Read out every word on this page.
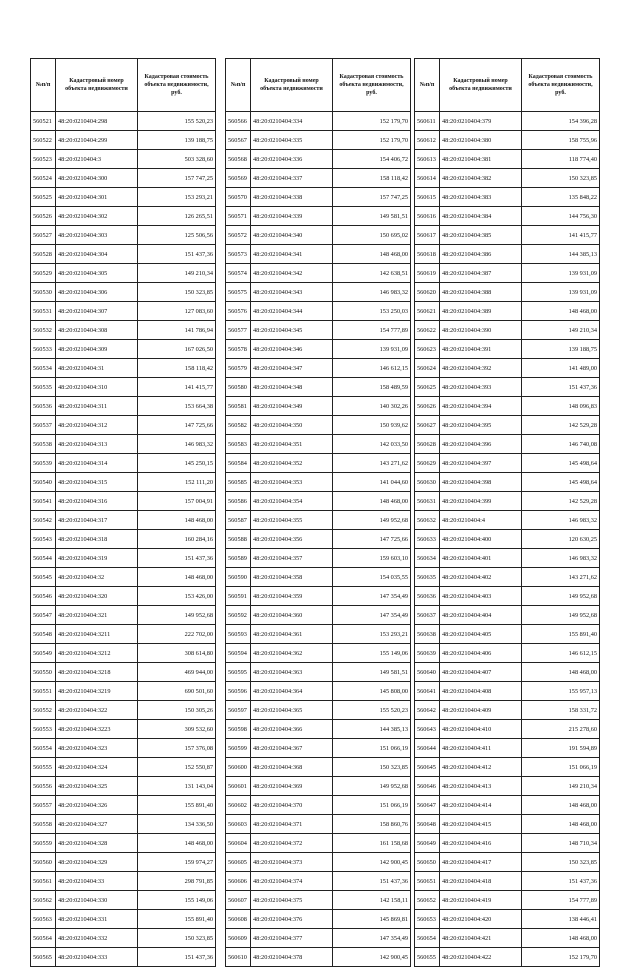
№п/п	Кадастровый номер объекта недвижимости	Кадастровая стоимость объекта недвижимости, руб.
560521	48:20:0210404:298	155 520,23
560522	48:20:0210404:299	139 188,75
560523	48:20:0210404:3	503 328,60
560524	48:20:0210404:300	157 747,25
560525	48:20:0210404:301	153 293,21
560526	48:20:0210404:302	126 265,51
560527	48:20:0210404:303	125 506,56
560528	48:20:0210404:304	151 437,36
560529	48:20:0210404:305	149 210,34
560530	48:20:0210404:306	150 323,85
560531	48:20:0210404:307	127 083,60
560532	48:20:0210404:308	141 786,94
560533	48:20:0210404:309	167 026,50
560534	48:20:0210404:31	158 118,42
560535	48:20:0210404:310	141 415,77
560536	48:20:0210404:311	153 664,38
560537	48:20:0210404:312	147 725,66
560538	48:20:0210404:313	146 983,32
560539	48:20:0210404:314	145 250,15
560540	48:20:0210404:315	152 111,20
560541	48:20:0210404:316	157 004,91
560542	48:20:0210404:317	148 468,00
560543	48:20:0210404:318	160 284,16
560544	48:20:0210404:319	151 437,36
560545	48:20:0210404:32	148 468,00
560546	48:20:0210404:320	153 426,00
560547	48:20:0210404:321	149 952,68
560548	48:20:0210404:3211	222 702,00
560549	48:20:0210404:3212	308 614,80
560550	48:20:0210404:3218	469 944,00
560551	48:20:0210404:3219	690 501,60
560552	48:20:0210404:322	150 305,26
560553	48:20:0210404:3223	309 532,60
560554	48:20:0210404:323	157 376,08
560555	48:20:0210404:324	152 550,87
560556	48:20:0210404:325	131 143,04
560557	48:20:0210404:326	155 891,40
560558	48:20:0210404:327	134 336,50
560559	48:20:0210404:328	148 468,00
560560	48:20:0210404:329	159 974,27
560561	48:20:0210404:33	298 791,85
560562	48:20:0210404:330	155 149,06
560563	48:20:0210404:331	155 891,40
560564	48:20:0210404:332	150 323,85
560565	48:20:0210404:333	151 437,36
№п/п	Кадастровый номер объекта недвижимости	Кадастровая стоимость объекта недвижимости, руб.
560566	48:20:0210404:334	152 179,70
560567	48:20:0210404:335	152 179,70
560568	48:20:0210404:336	154 406,72
560569	48:20:0210404:337	158 118,42
560570	48:20:0210404:338	157 747,25
560571	48:20:0210404:339	149 581,51
560572	48:20:0210404:340	150 695,02
560573	48:20:0210404:341	148 468,00
560574	48:20:0210404:342	142 638,51
560575	48:20:0210404:343	146 983,32
560576	48:20:0210404:344	153 250,03
560577	48:20:0210404:345	154 777,89
560578	48:20:0210404:346	139 931,09
560579	48:20:0210404:347	146 612,15
560580	48:20:0210404:348	158 489,59
560581	48:20:0210404:349	140 302,26
560582	48:20:0210404:350	150 939,62
560583	48:20:0210404:351	142 033,50
560584	48:20:0210404:352	143 271,62
560585	48:20:0210404:353	141 044,60
560586	48:20:0210404:354	148 468,00
560587	48:20:0210404:355	149 952,68
560588	48:20:0210404:356	147 725,66
560589	48:20:0210404:357	159 603,10
560590	48:20:0210404:358	154 035,55
560591	48:20:0210404:359	147 354,49
560592	48:20:0210404:360	147 354,49
560593	48:20:0210404:361	153 293,21
560594	48:20:0210404:362	155 149,06
560595	48:20:0210404:363	149 581,51
560596	48:20:0210404:364	145 808,00
560597	48:20:0210404:365	155 520,23
560598	48:20:0210404:366	144 385,13
560599	48:20:0210404:367	151 066,19
560600	48:20:0210404:368	150 323,85
560601	48:20:0210404:369	149 952,68
560602	48:20:0210404:370	151 066,19
560603	48:20:0210404:371	158 860,76
560604	48:20:0210404:372	161 158,68
560605	48:20:0210404:373	142 900,45
560606	48:20:0210404:374	151 437,36
560607	48:20:0210404:375	142 158,11
560608	48:20:0210404:376	145 869,81
560609	48:20:0210404:377	147 354,49
560610	48:20:0210404:378	142 900,45
№п/п	Кадастровый номер объекта недвижимости	Кадастровая стоимость объекта недвижимости, руб.
560611	48:20:0210404:379	154 396,28
560612	48:20:0210404:380	158 755,96
560613	48:20:0210404:381	118 774,40
560614	48:20:0210404:382	150 323,85
560615	48:20:0210404:383	135 848,22
560616	48:20:0210404:384	144 756,30
560617	48:20:0210404:385	141 415,77
560618	48:20:0210404:386	144 385,13
560619	48:20:0210404:387	139 931,09
560620	48:20:0210404:388	139 931,09
560621	48:20:0210404:389	148 468,00
560622	48:20:0210404:390	149 210,34
560623	48:20:0210404:391	139 188,75
560624	48:20:0210404:392	141 489,00
560625	48:20:0210404:393	151 437,36
560626	48:20:0210404:394	148 096,83
560627	48:20:0210404:395	142 529,28
560628	48:20:0210404:396	146 740,08
560629	48:20:0210404:397	145 498,64
560630	48:20:0210404:398	145 498,64
560631	48:20:0210404:399	142 529,28
560632	48:20:0210404:4	146 983,32
560633	48:20:0210404:400	120 630,25
560634	48:20:0210404:401	146 983,32
560635	48:20:0210404:402	143 271,62
560636	48:20:0210404:403	149 952,68
560637	48:20:0210404:404	149 952,68
560638	48:20:0210404:405	155 891,40
560639	48:20:0210404:406	146 612,15
560640	48:20:0210404:407	148 468,00
560641	48:20:0210404:408	155 957,13
560642	48:20:0210404:409	158 331,72
560643	48:20:0210404:410	215 278,60
560644	48:20:0210404:411	191 594,89
560645	48:20:0210404:412	151 066,19
560646	48:20:0210404:413	149 210,34
560647	48:20:0210404:414	148 468,00
560648	48:20:0210404:415	148 468,00
560649	48:20:0210404:416	148 710,34
560650	48:20:0210404:417	150 323,85
560651	48:20:0210404:418	151 437,36
560652	48:20:0210404:419	154 777,89
560653	48:20:0210404:420	138 446,41
560654	48:20:0210404:421	148 468,00
560655	48:20:0210404:422	152 179,70
